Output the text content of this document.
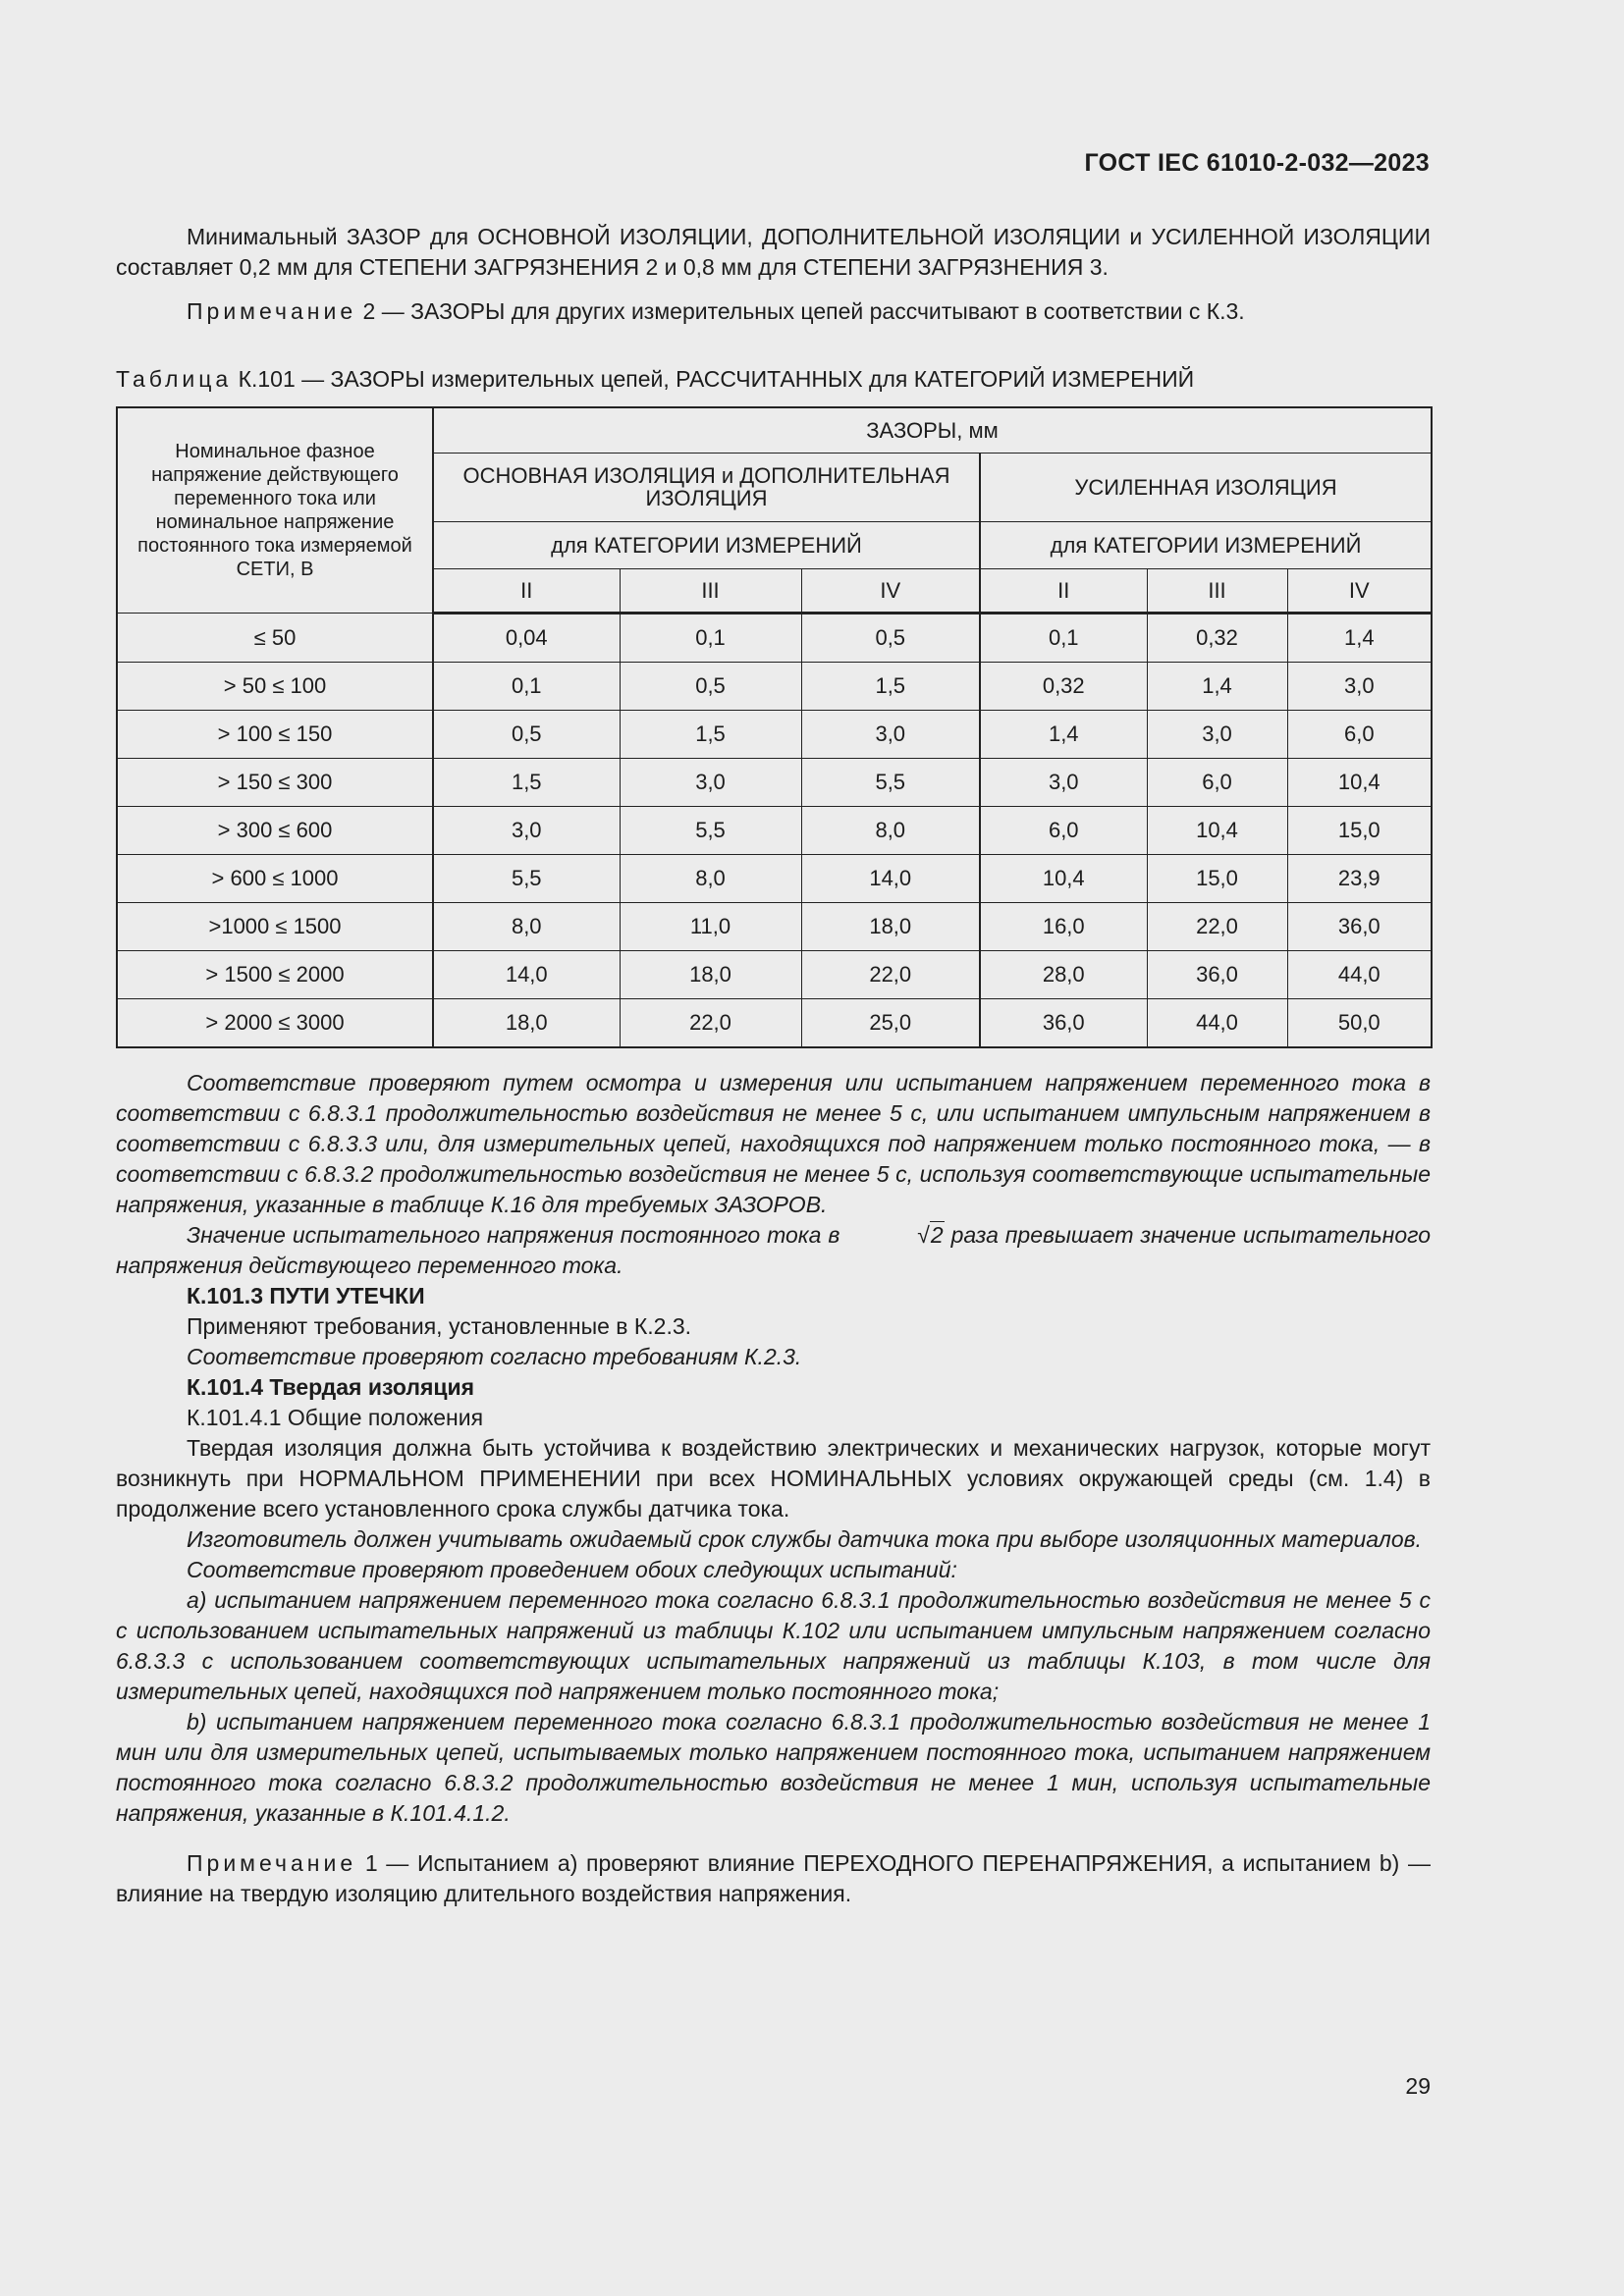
ГОСТ IEC 61010-2-032—2023

Минимальный ЗАЗОР для ОСНОВНОЙ ИЗОЛЯЦИИ, ДОПОЛНИТЕЛЬНОЙ ИЗОЛЯЦИИ и УСИЛЕННОЙ ИЗОЛЯЦИИ составляет 0,2 мм для СТЕПЕНИ ЗАГРЯЗНЕНИЯ 2 и 0,8 мм для СТЕПЕНИ ЗАГРЯЗНЕНИЯ 3.

Примечание 2 — ЗАЗОРЫ для других измерительных цепей рассчитывают в соответствии с К.3.

Таблица К.101 — ЗАЗОРЫ измерительных цепей, РАССЧИТАННЫХ для КАТЕГОРИЙ ИЗМЕРЕНИЙ

Номинальное фазное напряжение действующего переменного тока или номинальное напряжение постоянного тока измеряемой СЕТИ, В	ЗАЗОРЫ, мм					
	ОСНОВНАЯ ИЗОЛЯЦИЯ и ДОПОЛНИТЕЛЬНАЯ ИЗОЛЯЦИЯ			УСИЛЕННАЯ ИЗОЛЯЦИЯ		
	для КАТЕГОРИИ ИЗМЕРЕНИЙ			для КАТЕГОРИИ ИЗМЕРЕНИЙ		
	II	III	IV	II	III	IV
≤ 50	0,04	0,1	0,5	0,1	0,32	1,4
> 50 ≤ 100	0,1	0,5	1,5	0,32	1,4	3,0
> 100 ≤ 150	0,5	1,5	3,0	1,4	3,0	6,0
> 150 ≤ 300	1,5	3,0	5,5	3,0	6,0	10,4
> 300 ≤ 600	3,0	5,5	8,0	6,0	10,4	15,0
> 600 ≤ 1000	5,5	8,0	14,0	10,4	15,0	23,9
>1000 ≤ 1500	8,0	11,0	18,0	16,0	22,0	36,0
> 1500 ≤ 2000	14,0	18,0	22,0	28,0	36,0	44,0
> 2000 ≤ 3000	18,0	22,0	25,0	36,0	44,0	50,0

Соответствие проверяют путем осмотра и измерения или испытанием напряжением переменного тока в соответствии с 6.8.3.1 продолжительностью воздействия не менее 5 с, или испытанием импульсным напряжением в соответствии с 6.8.3.3 или, для измерительных цепей, находящихся под напряжением только постоянного тока, — в соответствии с 6.8.3.2 продолжительностью воздействия не менее 5 с, используя соответствующие испытательные напряжения, указанные в таблице К.16 для требуемых ЗАЗОРОВ.

Значение испытательного напряжения постоянного тока в	√2 раза превышает значение испытательного напряжения действующего переменного тока.

К.101.3 ПУТИ УТЕЧКИ

Применяют требования, установленные в К.2.3.

Соответствие проверяют согласно требованиям К.2.3.

К.101.4 Твердая изоляция

К.101.4.1 Общие положения

Твердая изоляция должна быть устойчива к воздействию электрических и механических нагрузок, которые могут возникнуть при НОРМАЛЬНОМ ПРИМЕНЕНИИ при всех НОМИНАЛЬНЫХ условиях окружающей среды (см. 1.4) в продолжение всего установленного срока службы датчика тока.

Изготовитель должен учитывать ожидаемый срок службы датчика тока при выборе изоляционных материалов.

Соответствие проверяют проведением обоих следующих испытаний:

a) испытанием напряжением переменного тока согласно 6.8.3.1 продолжительностью воздействия не менее 5 с с использованием испытательных напряжений из таблицы К.102 или испытанием импульсным напряжением согласно 6.8.3.3 с использованием соответствующих испытательных напряжений из таблицы К.103, в том числе для измерительных цепей, находящихся под напряжением только постоянного тока;

b) испытанием напряжением переменного тока согласно 6.8.3.1 продолжительностью воздействия не менее 1 мин или для измерительных цепей, испытываемых только напряжением постоянного тока, испытанием напряжением постоянного тока согласно 6.8.3.2 продолжительностью воздействия не менее 1 мин, используя испытательные напряжения, указанные в К.101.4.1.2.

Примечание 1 — Испытанием a) проверяют влияние ПЕРЕХОДНОГО ПЕРЕНАПРЯЖЕНИЯ, а испытанием b) — влияние на твердую изоляцию длительного воздействия напряжения.

29
